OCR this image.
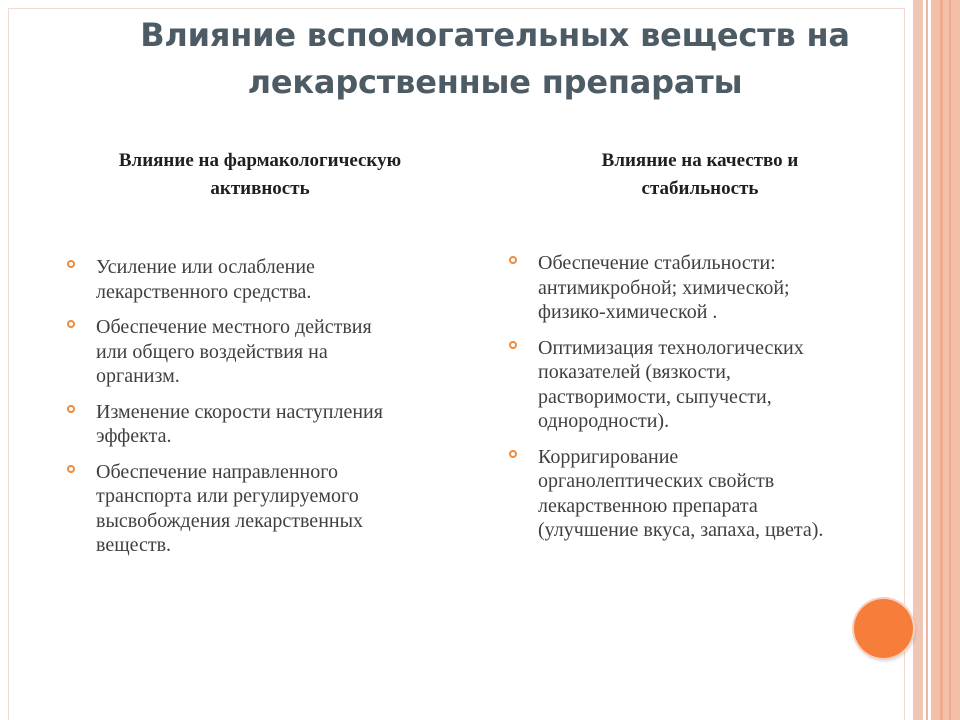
Влияние вспомогательных веществ на
лекарственные препараты
Влияние на фармакологическую
активность
Влияние на качество и
стабильность
Усиление или ослабление
лекарственного средства.
Обеспечение местного действия
или общего воздействия на
организм.
Изменение скорости наступления
эффекта.
Обеспечение направленного
транспорта или регулируемого
высвобождения лекарственных
веществ.
Обеспечение стабильности:
антимикробной; химической;
физико-химической .
Оптимизация технологических
показателей (вязкости,
растворимости, сыпучести,
однородности).
Корригирование
органолептических свойств
лекарственною препарата
(улучшение вкуса, запаха, цвета).
